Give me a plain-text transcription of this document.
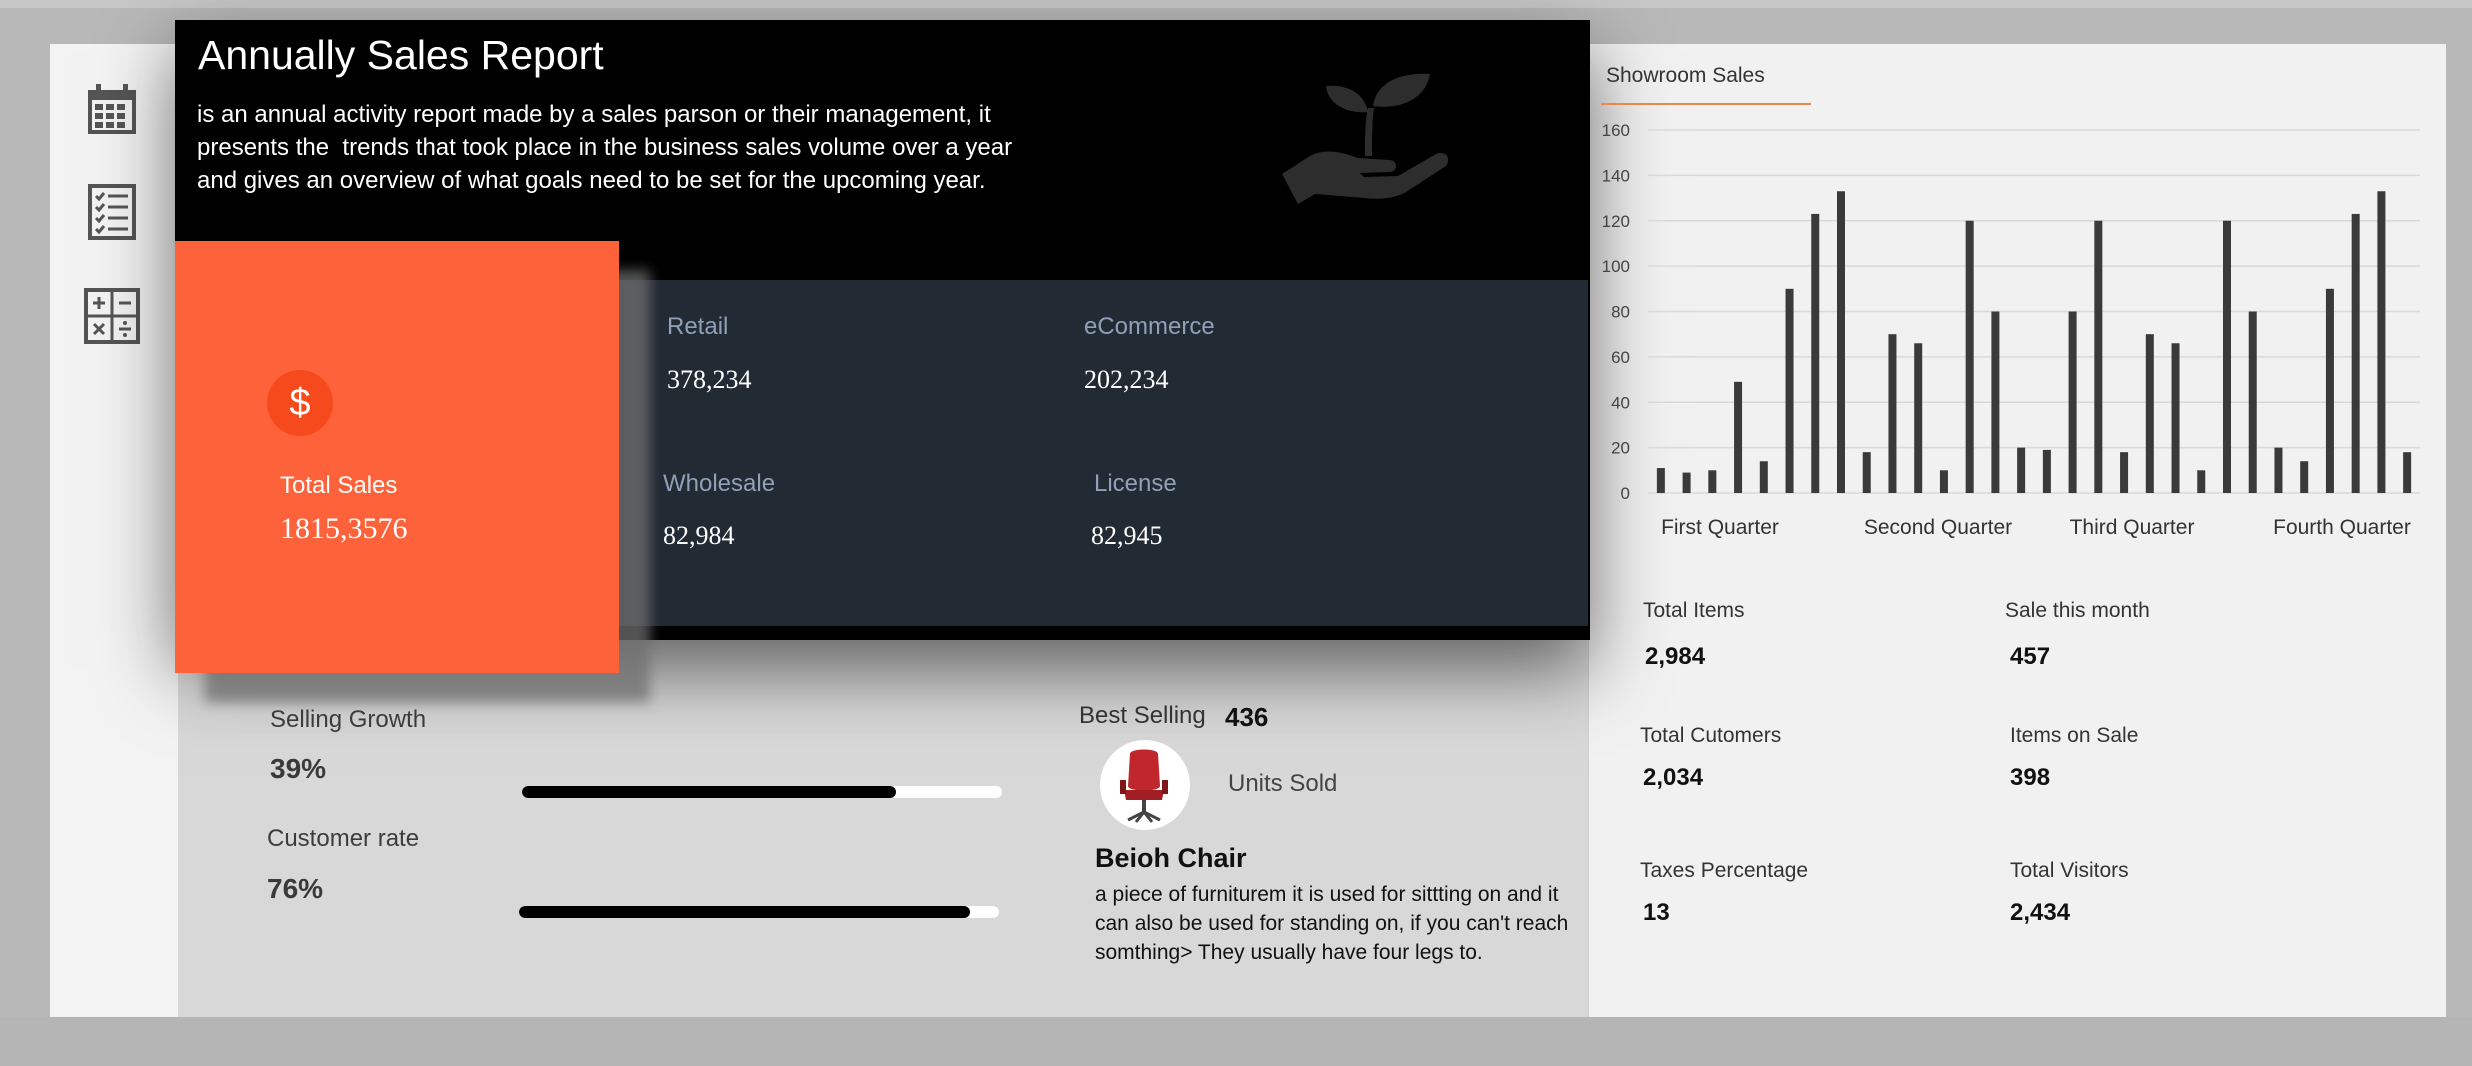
Annually Sales Report
is an annual activity report made by a sales parson or their management, it
presents the  trends that took place in the business sales volume over a year
and gives an overview of what goals need to be set for the upcoming year.
Retail
378,234
eCommerce
202,234
Wholesale
82,984
License
82,945
$
Total Sales
1815,3576
Selling Growth
39%
Customer rate
76%
Best Selling 436
Units Sold
Beioh Chair
a piece of furniturem it is used for sittting on and it can also be used for standing on, if you can't reach somthing> They usually have four legs to.
Showroom Sales
0
20
40
60
80
100
120
140
160
First Quarter	Second Quarter	Third Quarter	Fourth Quarter
Total Items
2,984
Sale this month
457
Total Cutomers
2,034
Items on Sale
398
Taxes Percentage
13
Total Visitors
2,434
